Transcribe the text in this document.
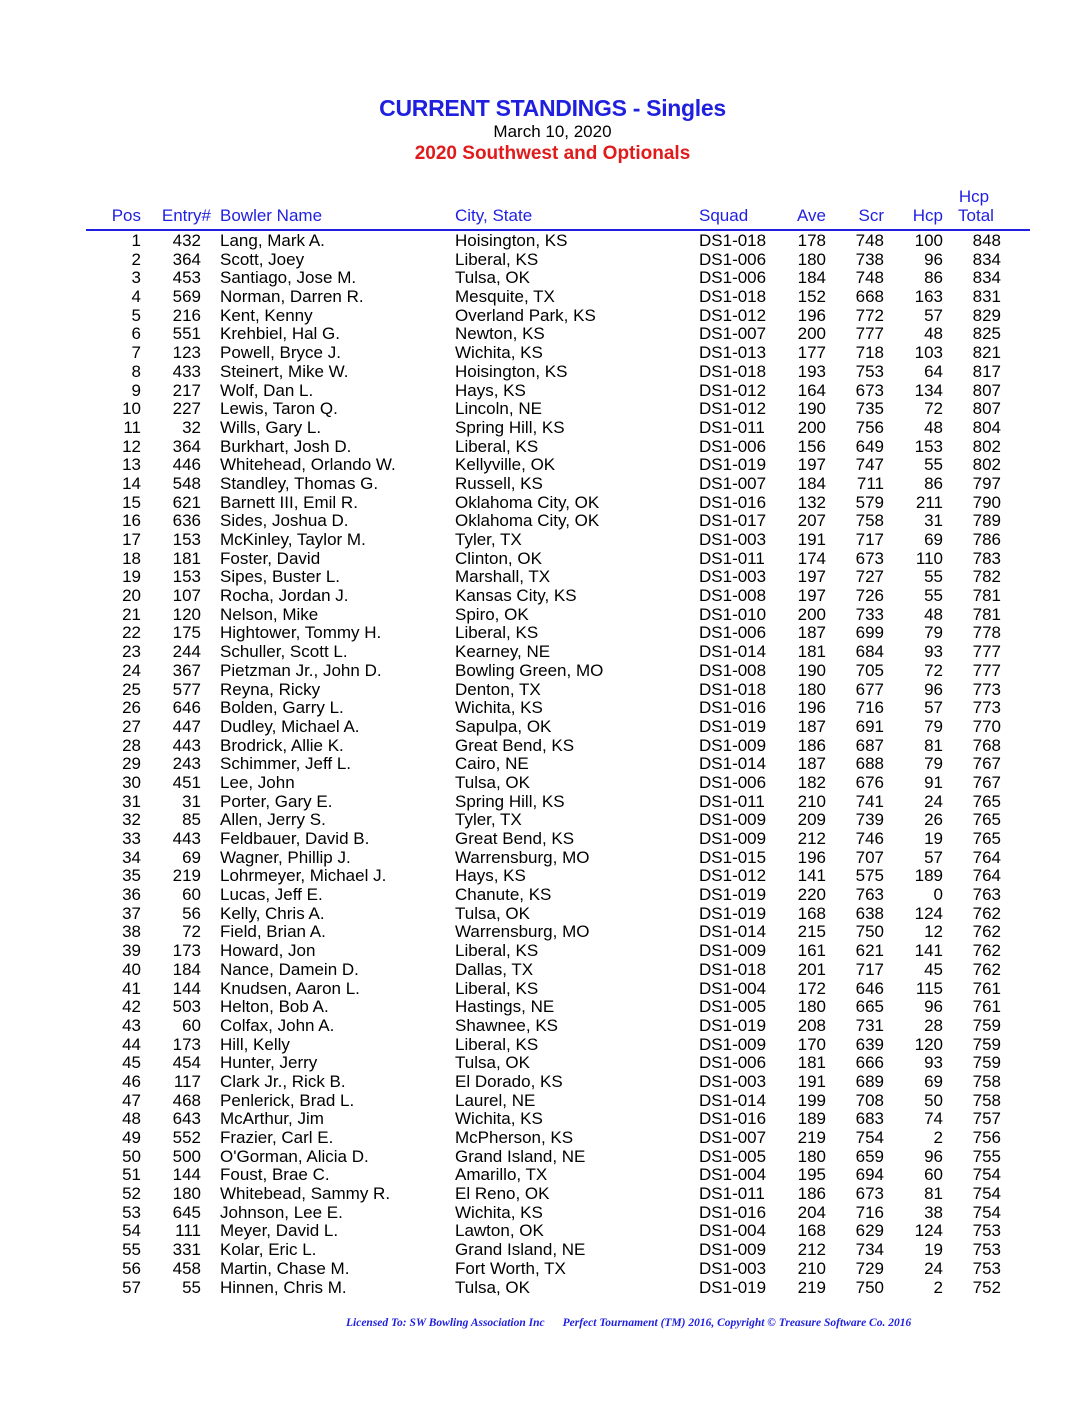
CURRENT STANDINGS - Singles
March 10, 2020
2020 Southwest and Optionals
Pos	Entry# Bowler Name	City, State	Squad	Ave	Scr	Hcp
Hcp
Total
1	432 Lang, Mark A.	Hoisington, KS	DS1-018	178	748	100	848
2	364 Scott, Joey	Liberal, KS	DS1-006	180	738	96	834
3	453 Santiago, Jose M.	Tulsa, OK	DS1-006	184	748	86	834
4	569 Norman, Darren R.	Mesquite, TX	DS1-018	152	668	163	831
5	216 Kent, Kenny	Overland Park, KS	DS1-012	196	772	57	829
6	551 Krehbiel, Hal G.	Newton, KS	DS1-007	200	777	48	825
7	123 Powell, Bryce J.	Wichita, KS	DS1-013	177	718	103	821
8	433 Steinert, Mike W.	Hoisington, KS	DS1-018	193	753	64	817
9	217 Wolf, Dan L.	Hays, KS	DS1-012	164	673	134	807
10	227 Lewis, Taron Q.	Lincoln, NE	DS1-012	190	735	72	807
11	32 Wills, Gary L.	Spring Hill, KS	DS1-011	200	756	48	804
12	364 Burkhart, Josh D.	Liberal, KS	DS1-006	156	649	153	802
13	446 Whitehead, Orlando W.	Kellyville, OK	DS1-019	197	747	55	802
14	548 Standley, Thomas G.	Russell, KS	DS1-007	184	711	86	797
15	621 Barnett III, Emil R.	Oklahoma City, OK	DS1-016	132	579	211	790
16	636 Sides, Joshua D.	Oklahoma City, OK	DS1-017	207	758	31	789
17	153 McKinley, Taylor M.	Tyler, TX	DS1-003	191	717	69	786
18	181 Foster, David	Clinton, OK	DS1-011	174	673	110	783
19	153 Sipes, Buster L.	Marshall, TX	DS1-003	197	727	55	782
20	107 Rocha, Jordan J.	Kansas City, KS	DS1-008	197	726	55	781
21	120 Nelson, Mike	Spiro, OK	DS1-010	200	733	48	781
22	175 Hightower, Tommy H.	Liberal, KS	DS1-006	187	699	79	778
23	244 Schuller, Scott L.	Kearney, NE	DS1-014	181	684	93	777
24	367 Pietzman Jr., John D.	Bowling Green, MO	DS1-008	190	705	72	777
25	577 Reyna, Ricky	Denton, TX	DS1-018	180	677	96	773
26	646 Bolden, Garry L.	Wichita, KS	DS1-016	196	716	57	773
27	447 Dudley, Michael A.	Sapulpa, OK	DS1-019	187	691	79	770
28	443 Brodrick, Allie K.	Great Bend, KS	DS1-009	186	687	81	768
29	243 Schimmer, Jeff L.	Cairo, NE	DS1-014	187	688	79	767
30	451 Lee, John	Tulsa, OK	DS1-006	182	676	91	767
31	31 Porter, Gary E.	Spring Hill, KS	DS1-011	210	741	24	765
32	85 Allen, Jerry S.	Tyler, TX	DS1-009	209	739	26	765
33	443 Feldbauer, David B.	Great Bend, KS	DS1-009	212	746	19	765
34	69 Wagner, Phillip J.	Warrensburg, MO	DS1-015	196	707	57	764
35	219 Lohrmeyer, Michael J.	Hays, KS	DS1-012	141	575	189	764
36	60 Lucas, Jeff E.	Chanute, KS	DS1-019	220	763	0	763
37	56 Kelly, Chris A.	Tulsa, OK	DS1-019	168	638	124	762
38	72 Field, Brian A.	Warrensburg, MO	DS1-014	215	750	12	762
39	173 Howard, Jon	Liberal, KS	DS1-009	161	621	141	762
40	184 Nance, Damein D.	Dallas, TX	DS1-018	201	717	45	762
41	144 Knudsen, Aaron L.	Liberal, KS	DS1-004	172	646	115	761
42	503 Helton, Bob A.	Hastings, NE	DS1-005	180	665	96	761
43	60 Colfax, John A.	Shawnee, KS	DS1-019	208	731	28	759
44	173 Hill, Kelly	Liberal, KS	DS1-009	170	639	120	759
45	454 Hunter, Jerry	Tulsa, OK	DS1-006	181	666	93	759
46	117 Clark Jr., Rick B.	El Dorado, KS	DS1-003	191	689	69	758
47	468 Penlerick, Brad L.	Laurel, NE	DS1-014	199	708	50	758
48	643 McArthur, Jim	Wichita, KS	DS1-016	189	683	74	757
49	552 Frazier, Carl E.	McPherson, KS	DS1-007	219	754	2	756
50	500 O'Gorman, Alicia D.	Grand Island, NE	DS1-005	180	659	96	755
51	144 Foust, Brae C.	Amarillo, TX	DS1-004	195	694	60	754
52	180 Whitebead, Sammy R.	El Reno, OK	DS1-011	186	673	81	754
53	645 Johnson, Lee E.	Wichita, KS	DS1-016	204	716	38	754
54	111 Meyer, David L.	Lawton, OK	DS1-004	168	629	124	753
55	331 Kolar, Eric L.	Grand Island, NE	DS1-009	212	734	19	753
56	458 Martin, Chase M.	Fort Worth, TX	DS1-003	210	729	24	753
57	55 Hinnen, Chris M.	Tulsa, OK	DS1-019	219	750	2	752
Licensed To: SW Bowling Association Inc Perfect Tournament (TM) 2016, Copyright © Treasure Software Co. 2016
